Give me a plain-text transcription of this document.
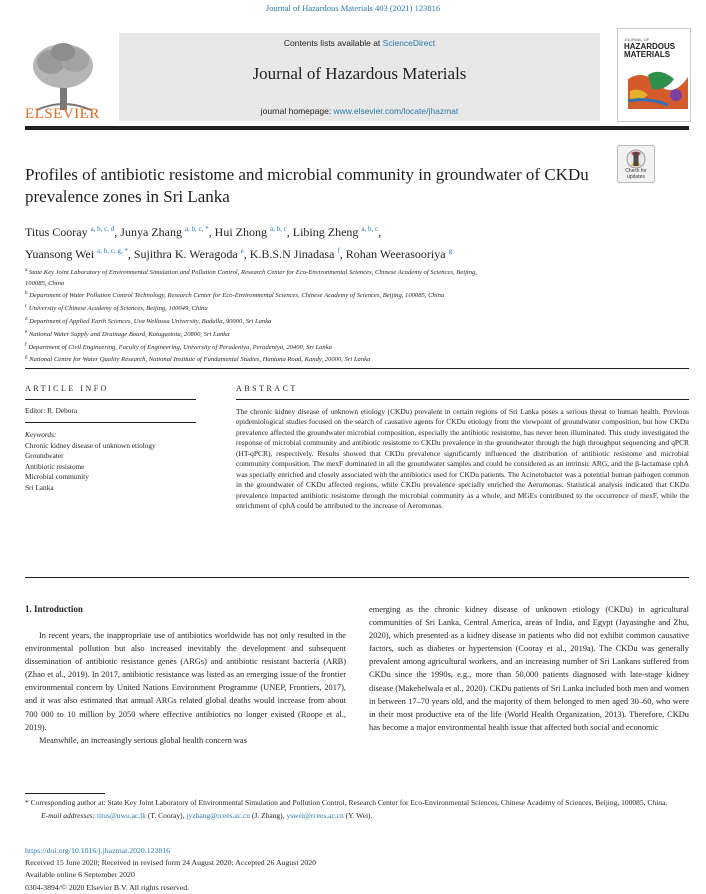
Journal of Hazardous Materials 403 (2021) 123816
ELSEVIER
Contents lists available at ScienceDirect
Journal of Hazardous Materials
journal homepage: www.elsevier.com/locate/jhazmat
JOURNAL OF
HAZARDOUS
MATERIALS
Check for
updates
Profiles of antibiotic resistome and microbial community in groundwater of CKDu prevalence zones in Sri Lanka
Titus Cooray $^{a, b, c, d}$, Junya Zhang $^{a, b, c, *}$, Hui Zhong $^{a, b, c}$, Libing Zheng $^{a, b, c}$,
Yuansong Wei $^{a, b, c, g, *}$, Sujithra K. Weragoda $^e$, K.B.S.N Jinadasa $^f$, Rohan Weerasooriya $^g$
$^a$ State Key Joint Laboratory of Environmental Simulation and Pollution Control, Research Center for Eco-Environmental Sciences, Chinese Academy of Sciences, Beijing,
100085, China
$^b$ Department of Water Pollution Control Technology, Research Center for Eco-Environmental Sciences, Chinese Academy of Sciences, Beijing, 100085, China
$^c$ University of Chinese Academy of Sciences, Beijing, 100049, China
$^d$ Department of Applied Earth Sciences, Uva Wellassa University, Badulla, 90000, Sri Lanka
$^e$ National Water Supply and Drainage Board, Katugastota, 20800, Sri Lanka
$^f$ Department of Civil Engineering, Faculty of Engineering, University of Peradeniya, Peradeniya, 20400, Sri Lanka
$^g$ National Centre for Water Quality Research, National Institute of Fundamental Studies, Hantana Road, Kandy, 20000, Sri Lanka
ARTICLE INFO
Editor: R. Debora
Keywords:
Chronic kidney disease of unknown etiology
Groundwater
Antibiotic resistome
Microbial community
Sri Lanka
ABSTRACT
The chronic kidney disease of unknown etiology (CKDu) prevalent in certain regions of Sri Lanka poses a serious threat to human health. Previous epidemiological studies focused on the search of causative agents for CKDu etiology from the viewpoint of groundwater composition, but how CKDu prevalence affected the groundwater microbial composition, especially the antibiotic resistome, has never been illuminated. This study investigated the response of microbial community and antibiotic resistome to CKDu prevalence in the groundwater through the high throughput sequencing and qPCR (HT-qPCR), respectively. Results showed that CKDu prevalence significantly influenced the distribution of antibiotic resistome and microbial community composition. The mexF dominated in all the groundwater samples and could be considered as an intrinsic ARG, and the β-lactamase cphA was specially enriched and closely associated with the antibiotics used for CKDu patients. The Acinetobacter was a potential human pathogen common in the groundwater of CKDu affected regions, while CKDu prevalence specially enriched the Aeromonas. Statistical analysis indicated that CKDu prevalence impacted antibiotic resistome through the microbial community as a whole, and MGEs contributed to the occurrence of mexF, while the enrichment of cphA could be attributed to the increase of Aeromonas.
1. Introduction

In recent years, the inappropriate use of antibiotics worldwide has not only resulted in the environmental pollution but also increased inevitably the development and subsequent dissemination of antibiotic resistance genes (ARGs) and antibiotic resistant bacteria (ARB) (Zhao et al., 2019). In 2017, antibiotic resistance was listed as an emerging issue of the frontier environmental concern by United Nations Environment Programme (UNEP, Frontiers, 2017), and it was also estimated that annual ARGs related global deaths would increase from about 700 000 to 10 million by 2050 where effective antibiotics no longer existed (Roope et al., 2019).

Meanwhile, an increasingly serious global health concern was

emerging as the chronic kidney disease of unknown etiology (CKDu) in agricultural communities of Sri Lanka, Central America, areas of India, and Egypt (Jayasinghe and Zhu, 2020), which presented as a kidney disease in patients who did not exhibit common causative factors, such as diabetes or hypertension (Cooray et al., 2019a). The CKDu was generally prevalent among agricultural workers, and an increasing number of Sri Lankans suffered from CKDu since the 1990s, e.g., more than 50,000 patients diagnosed with late-stage kidney disease (Makehelwala et al., 2020). CKDu patients of Sri Lanka included both men and women in between 17–70 years old, and the majority of them belonged to men aged 30–60, who were in their most productive era of the life (World Health Organization, 2013). Therefore, CKDu has become a major environmental health issue that affected both social and economic

* Corresponding author at: State Key Joint Laboratory of Environmental Simulation and Pollution Control, Research Center for Eco-Environmental Sciences, Chinese Academy of Sciences, Beijing, 100085, China.
E-mail addresses: titus@uwu.ac.lk (T. Cooray), jyzhang@rcees.ac.cn (J. Zhang), yswei@rcees.ac.cn (Y. Wei).
https://doi.org/10.1016/j.jhazmat.2020.123816
Received 15 June 2020; Received in revised form 24 August 2020; Accepted 26 August 2020
Available online 6 September 2020
0304-3894/© 2020 Elsevier B.V. All rights reserved.
